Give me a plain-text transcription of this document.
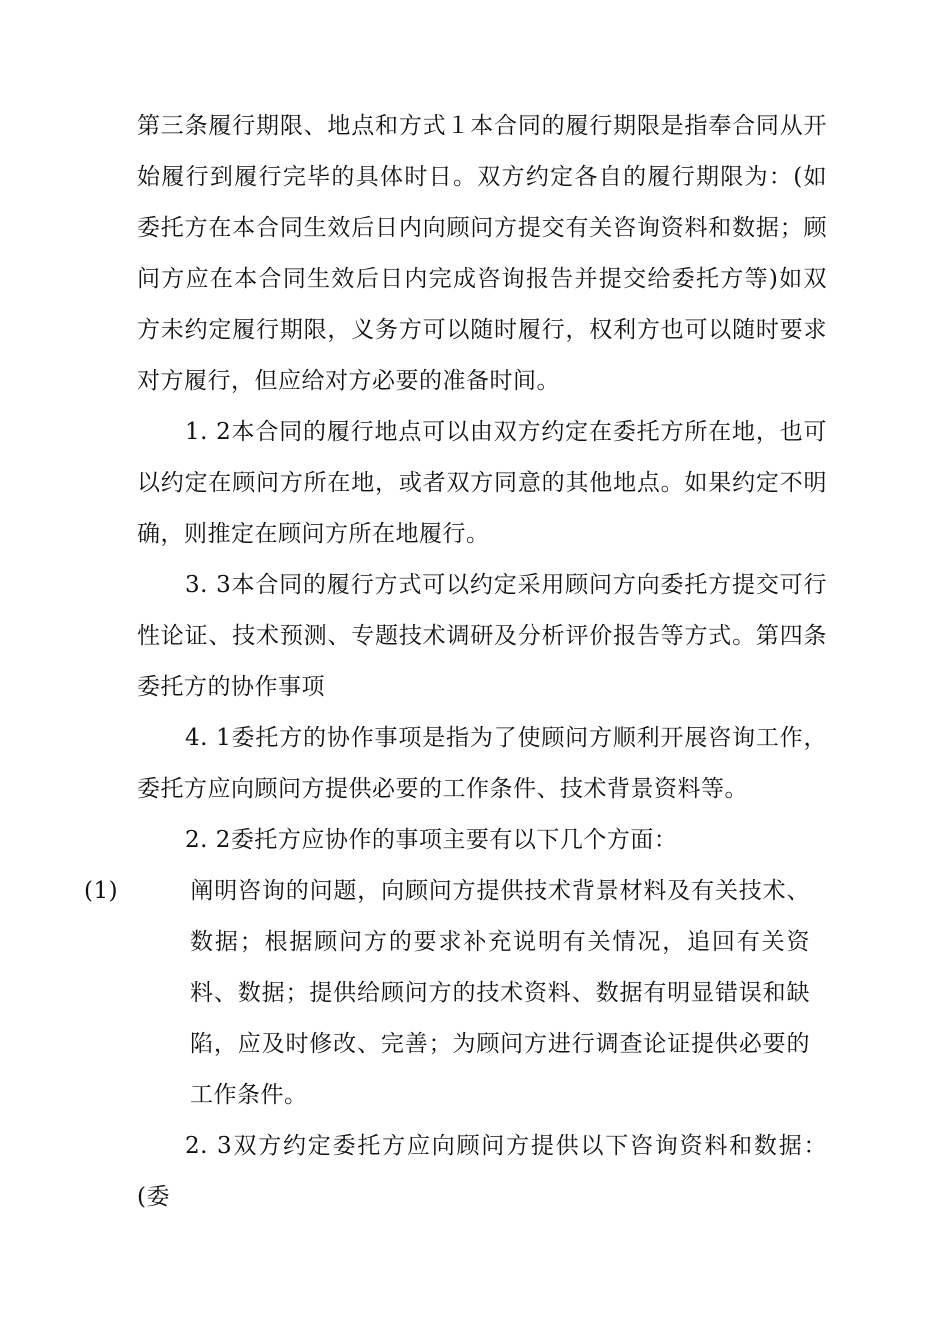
第三条履行期限、地点和方式１本合同的履行期限是指奉合同从开始履行到履行完毕的具体时日。双方约定各自的履行期限为：(如委托方在本合同生效后日内向顾问方提交有关咨询资料和数据；顾问方应在本合同生效后日内完成咨询报告并提交给委托方等)如双方未约定履行期限，义务方可以随时履行，权利方也可以随时要求对方履行，但应给对方必要的准备时间。

1. 2本合同的履行地点可以由双方约定在委托方所在地，也可以约定在顾问方所在地，或者双方同意的其他地点。如果约定不明确，则推定在顾问方所在地履行。

3. 3本合同的履行方式可以约定采用顾问方向委托方提交可行性论证、技术预测、专题技术调研及分析评价报告等方式。第四条委托方的协作事项

4. 1委托方的协作事项是指为了使顾问方顺利开展咨询工作，委托方应向顾问方提供必要的工作条件、技术背景资料等。

2. 2委托方应协作的事项主要有以下几个方面：

(1)	阐明咨询的问题，向顾问方提供技术背景材料及有关技术、数据；根据顾问方的要求补充说明有关情况，追回有关资料、数据；提供给顾问方的技术资料、数据有明显错误和缺陷，应及时修改、完善；为顾问方进行调查论证提供必要的工作条件。

2. 3双方约定委托方应向顾问方提供以下咨询资料和数据：(委
